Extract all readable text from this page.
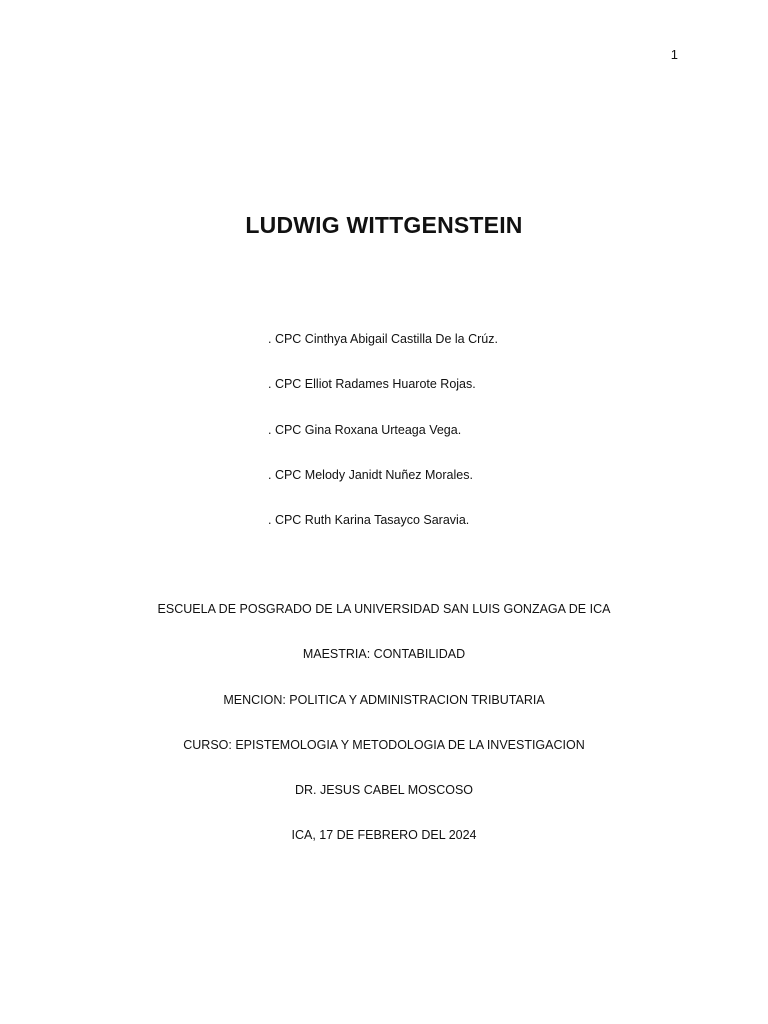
1
LUDWIG WITTGENSTEIN
. CPC Cinthya Abigail Castilla De la Crúz.
. CPC Elliot Radames Huarote Rojas.
. CPC Gina Roxana Urteaga Vega.
. CPC Melody Janidt Nuñez Morales.
. CPC Ruth Karina Tasayco Saravia.
ESCUELA DE POSGRADO DE LA UNIVERSIDAD SAN LUIS GONZAGA DE ICA
MAESTRIA: CONTABILIDAD
MENCION: POLITICA Y ADMINISTRACION TRIBUTARIA
CURSO: EPISTEMOLOGIA Y METODOLOGIA DE LA INVESTIGACION
DR. JESUS CABEL MOSCOSO
ICA, 17 DE FEBRERO DEL 2024
